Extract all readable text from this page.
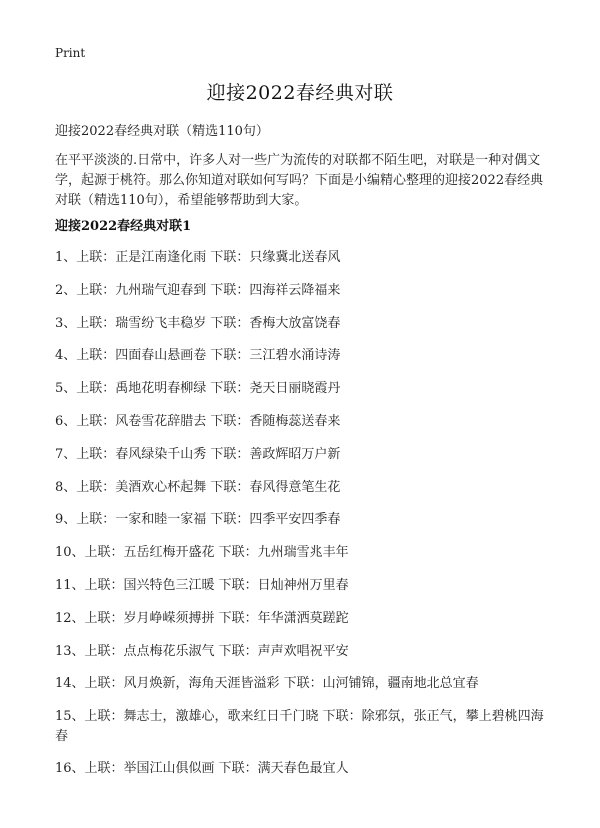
Print
迎接2022春经典对联
迎接2022春经典对联（精选110句）
在平平淡淡的.日常中，许多人对一些广为流传的对联都不陌生吧，对联是一种对偶文学，起源于桃符。那么你知道对联如何写吗？下面是小编精心整理的迎接2022春经典对联（精选110句），希望能够帮助到大家。
迎接2022春经典对联1
1、上联：正是江南逢化雨 下联：只缘冀北送春风
2、上联：九州瑞气迎春到 下联：四海祥云降福来
3、上联：瑞雪纷飞丰稳岁 下联：香梅大放富饶春
4、上联：四面春山悬画卷 下联：三江碧水涌诗涛
5、上联：禹地花明春柳绿 下联：尧天日丽晓霞丹
6、上联：风卷雪花辞腊去 下联：香随梅蕊送春来
7、上联：春风绿染千山秀 下联：善政辉昭万户新
8、上联：美酒欢心杯起舞 下联：春风得意笔生花
9、上联：一家和睦一家福 下联：四季平安四季春
10、上联：五岳红梅开盛花 下联：九州瑞雪兆丰年
11、上联：国兴特色三江暖 下联：日灿神州万里春
12、上联：岁月峥嵘须搏拼 下联：年华潇洒莫蹉跎
13、上联：点点梅花乐淑气 下联：声声欢唱祝平安
14、上联：风月焕新，海角天涯皆溢彩 下联：山河铺锦，疆南地北总宜春
15、上联：舞志士，激雄心，歌来红日千门晓 下联：除邪氛，张正气，攀上碧桃四海春
16、上联：举国江山俱似画 下联：满天春色最宜人
